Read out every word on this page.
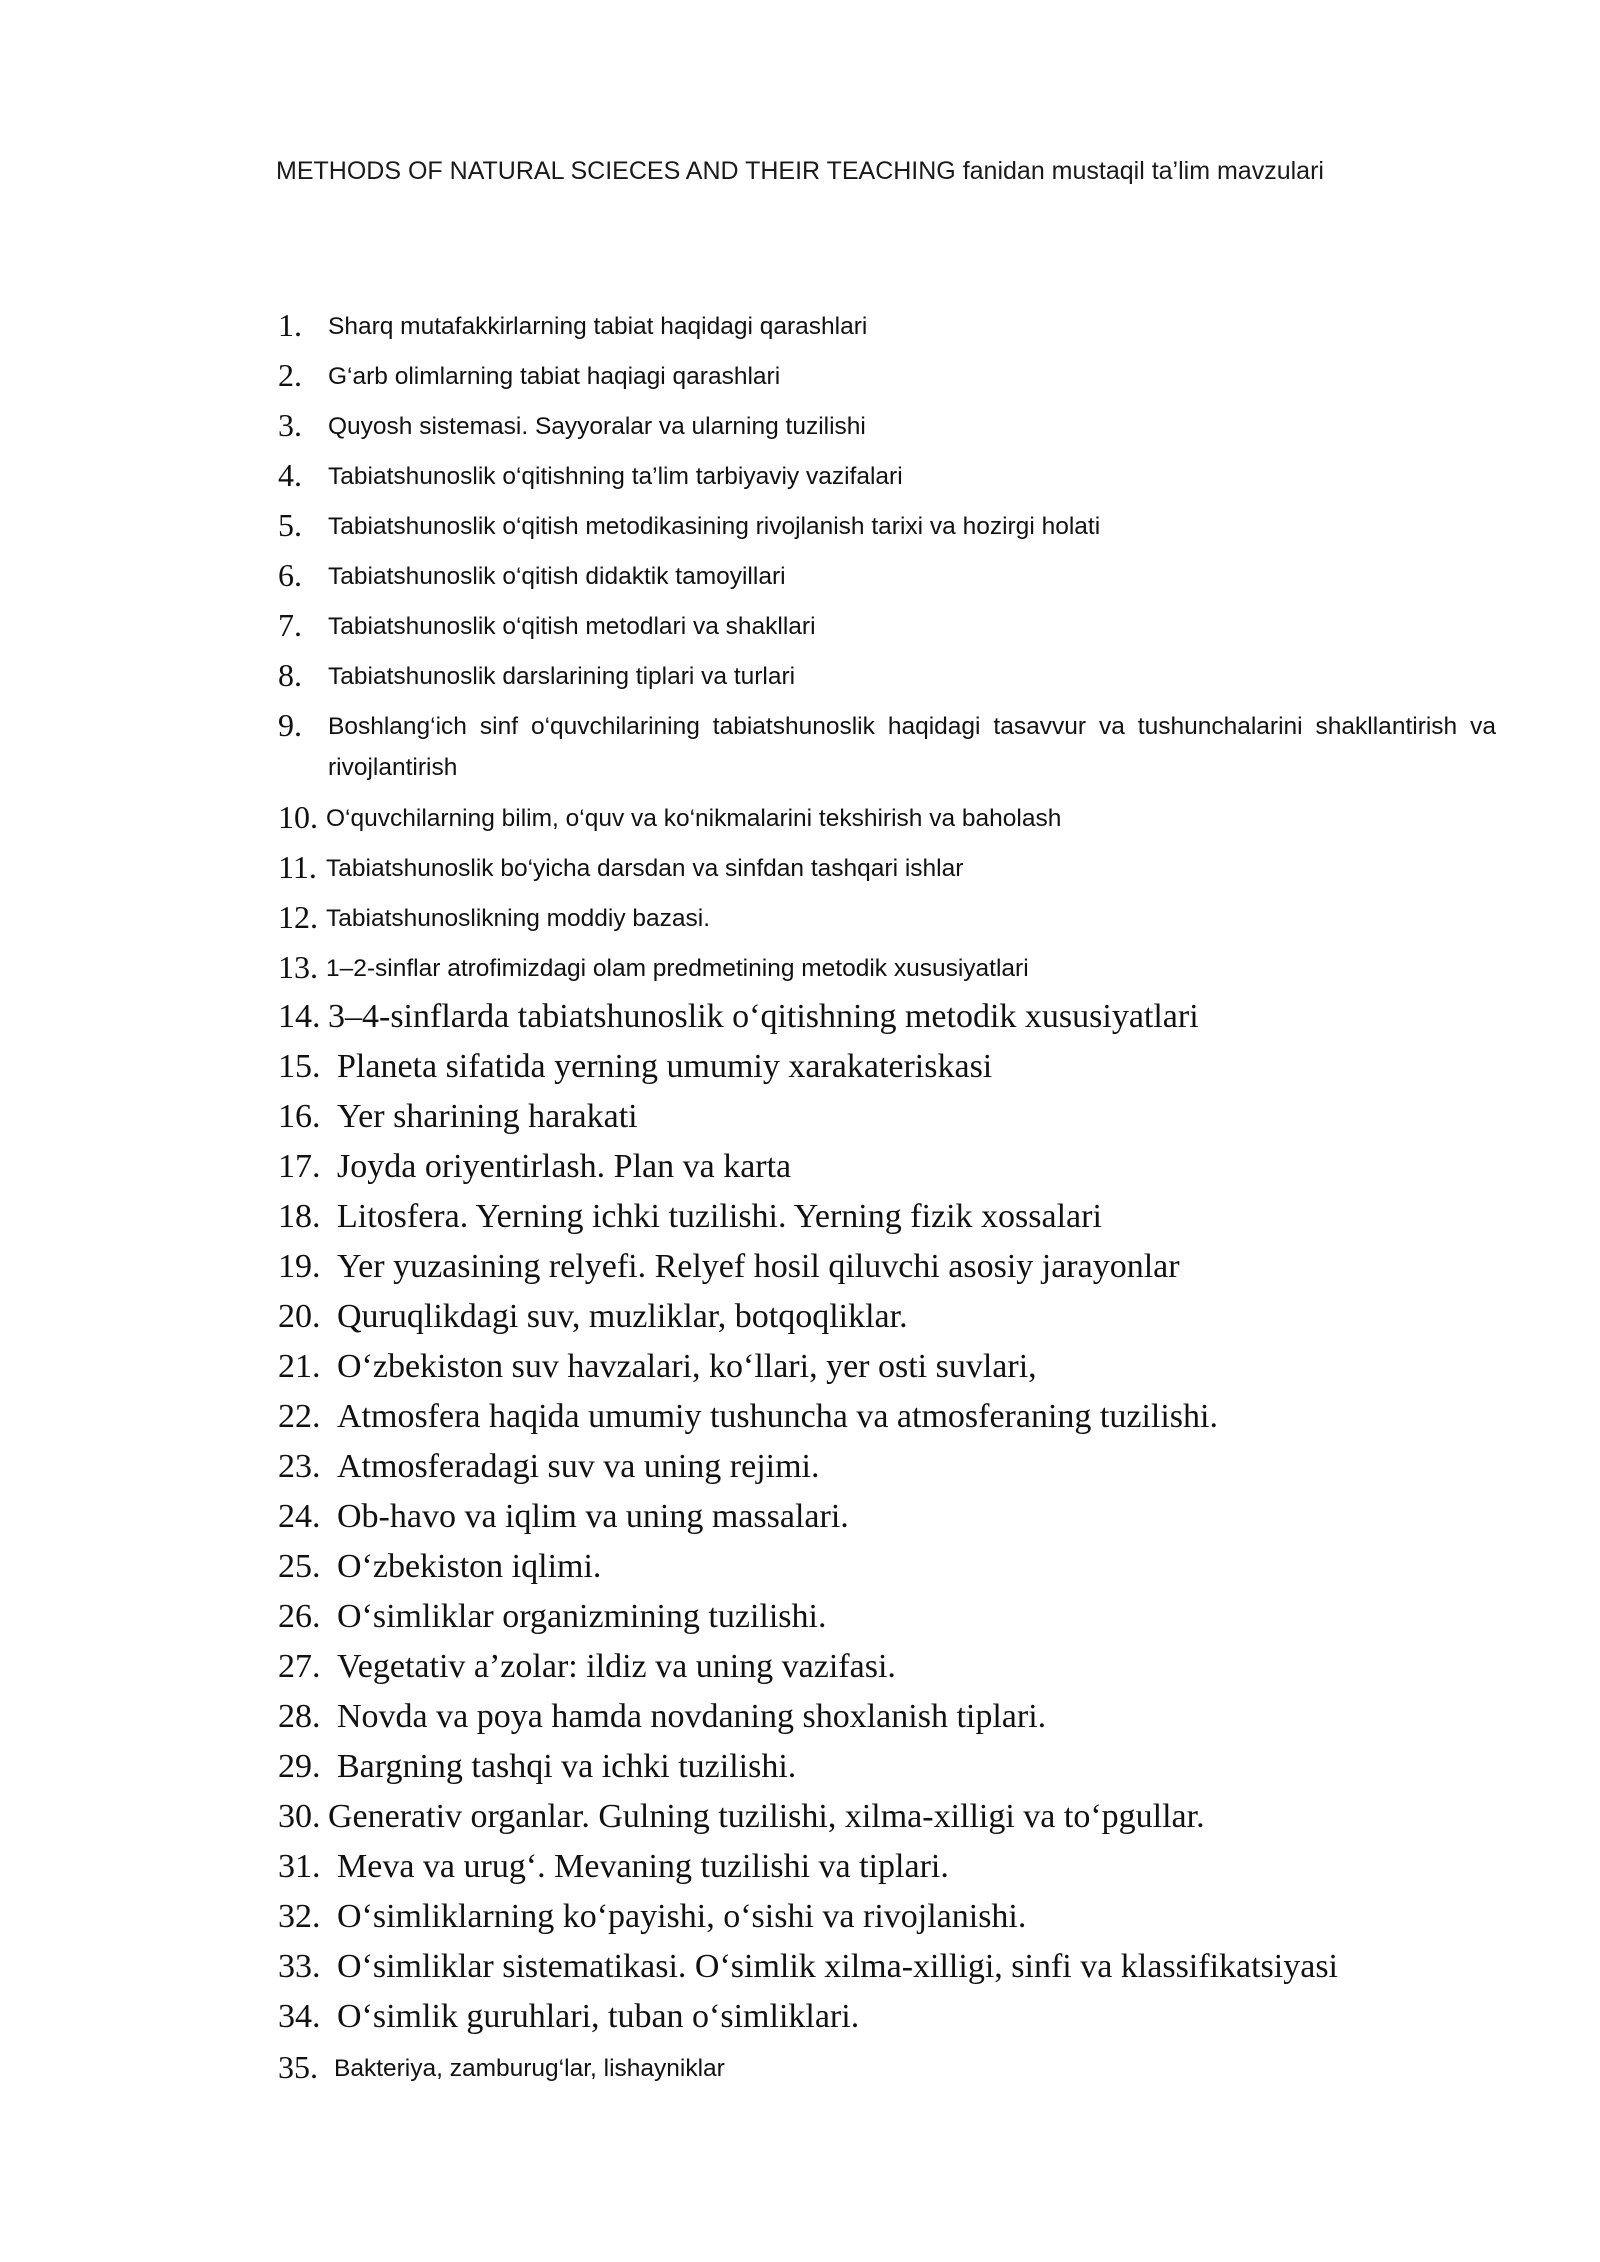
METHODS OF NATURAL SCIECES AND THEIR TEACHING fanidan mustaqil ta’lim mavzulari
1. Sharq mutafakkirlarning tabiat haqidagi qarashlari
2. G‘arb olimlarning tabiat haqiagi qarashlari
3. Quyosh sistemasi. Sayyoralar va ularning tuzilishi
4. Tabiatshunoslik o‘qitishning ta’lim tarbiyaviy vazifalari
5. Tabiatshunoslik o‘qitish metodikasining rivojlanish tarixi va hozirgi holati
6. Tabiatshunoslik o‘qitish didaktik tamoyillari
7. Tabiatshunoslik o‘qitish metodlari va shakllari
8. Tabiatshunoslik darslarining tiplari va turlari
9. Boshlang‘ich sinf o‘quvchilarining tabiatshunoslik haqidagi tasavvur va tushunchalarini shakllantirish va rivojlantirish
10. O‘quvchilarning bilim, o‘quv va ko‘nikmalarini tekshirish va baholash
11. Tabiatshunoslik bo‘yicha darsdan va sinfdan tashqari ishlar
12. Tabiatshunoslikning moddiy bazasi.
13. 1–2-sinflar atrofimizdagi olam predmetining metodik xususiyatlari
14. 3–4-sinflarda tabiatshunoslik o‘qitishning metodik xususiyatlari
15. Planeta sifatida yerning umumiy xarakateriskasi
16. Yer sharining harakati
17. Joyda oriyentirlash. Plan va karta
18. Litosfera. Yerning ichki tuzilishi. Yerning fizik xossalari
19. Yer yuzasining relyefi. Relyef hosil qiluvchi asosiy jarayonlar
20. Quruqlikdagi suv, muzliklar, botqoqliklar.
21. O‘zbekiston suv havzalari, ko‘llari, yer osti suvlari,
22. Atmosfera haqida umumiy tushuncha va atmosferaning tuzilishi.
23. Atmosferadagi suv va uning rejimi.
24. Ob-havo va iqlim va uning massalari.
25. O‘zbekiston iqlimi.
26. O‘simliklar organizmining tuzilishi.
27. Vegetativ a’zolar: ildiz va uning vazifasi.
28. Novda va poya hamda novdaning shoxlanish tiplari.
29. Bargning tashqi va ichki tuzilishi.
30. Generativ organlar. Gulning tuzilishi, xilma-xilligi va to‘pgullar.
31. Meva va urug‘. Mevaning tuzilishi va tiplari.
32. O‘simliklarning ko‘payishi, o‘sishi va rivojlanishi.
33. O‘simliklar sistematikasi. O‘simlik xilma-xilligi, sinfi va klassifikatsiyasi
34. O‘simlik guruhlari, tuban o‘simliklari.
35. Bakteriya, zamburug‘lar, lishayniklar
